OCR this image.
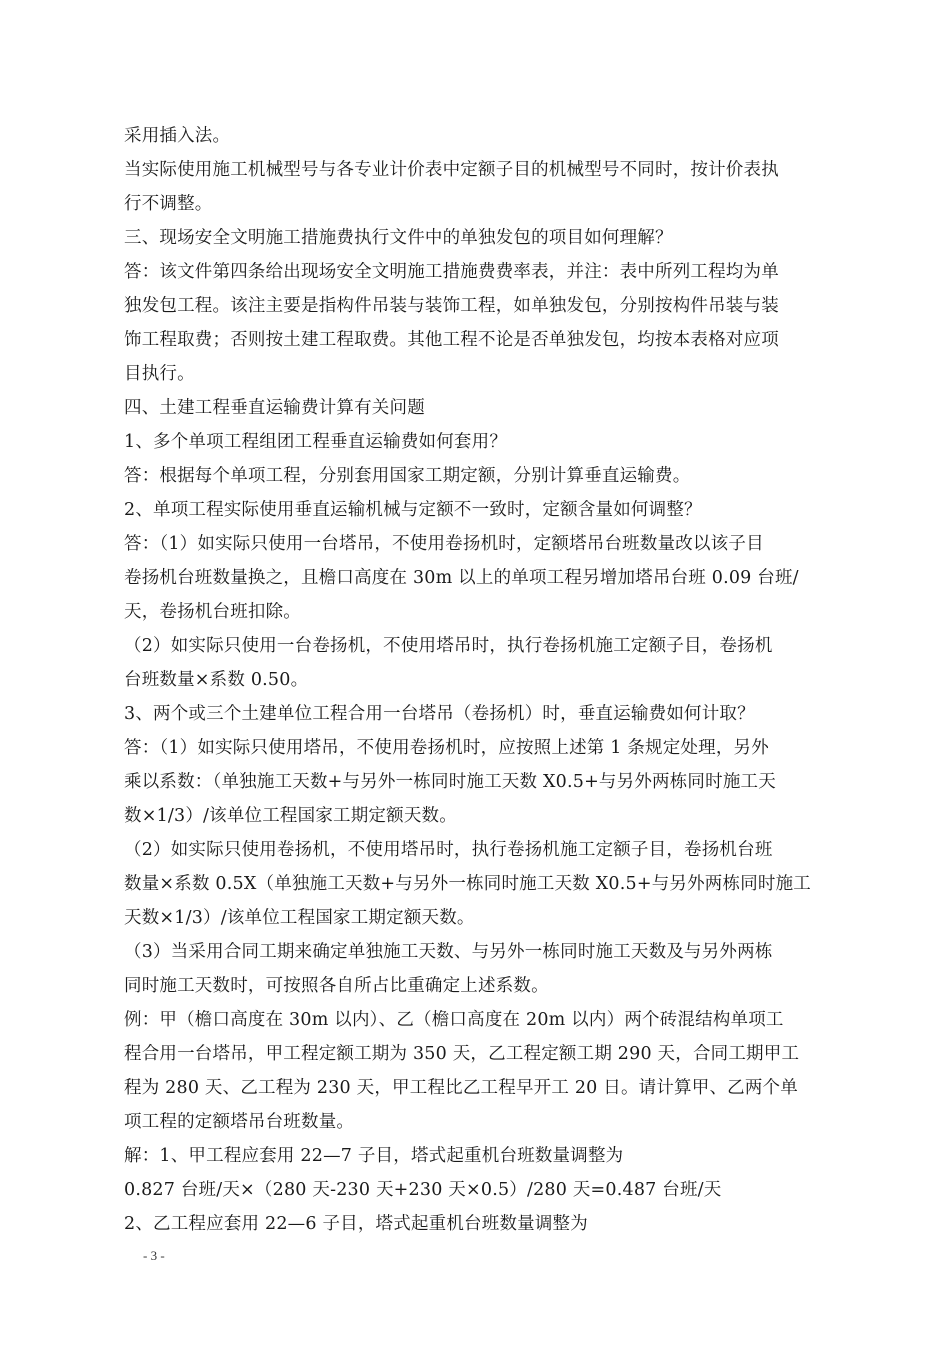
采用插入法。
当实际使用施工机械型号与各专业计价表中定额子目的机械型号不同时，按计价表执
行不调整。
三、现场安全文明施工措施费执行文件中的单独发包的项目如何理解？
答：该文件第四条给出现场安全文明施工措施费费率表，并注：表中所列工程均为单
独发包工程。该注主要是指构件吊装与装饰工程，如单独发包，分别按构件吊装与装
饰工程取费；否则按土建工程取费。其他工程不论是否单独发包，均按本表格对应项
目执行。
四、土建工程垂直运输费计算有关问题
1、多个单项工程组团工程垂直运输费如何套用？
答：根据每个单项工程，分别套用国家工期定额，分别计算垂直运输费。
2、单项工程实际使用垂直运输机械与定额不一致时，定额含量如何调整？
答：（1）如实际只使用一台塔吊，不使用卷扬机时，定额塔吊台班数量改以该子目
卷扬机台班数量换之，且檐口高度在 30m 以上的单项工程另增加塔吊台班 0.09 台班/
天，卷扬机台班扣除。
（2）如实际只使用一台卷扬机，不使用塔吊时，执行卷扬机施工定额子目，卷扬机
台班数量×系数 0.50。
3、两个或三个土建单位工程合用一台塔吊（卷扬机）时，垂直运输费如何计取？
答：（1）如实际只使用塔吊，不使用卷扬机时，应按照上述第 1 条规定处理，另外
乘以系数：（单独施工天数+与另外一栋同时施工天数 X0.5+与另外两栋同时施工天
数×1/3）/该单位工程国家工期定额天数。
（2）如实际只使用卷扬机，不使用塔吊时，执行卷扬机施工定额子目，卷扬机台班
数量×系数 0.5X（单独施工天数+与另外一栋同时施工天数 X0.5+与另外两栋同时施工
天数×1/3）/该单位工程国家工期定额天数。
（3）当采用合同工期来确定单独施工天数、与另外一栋同时施工天数及与另外两栋
同时施工天数时，可按照各自所占比重确定上述系数。
例：甲（檐口高度在 30m 以内）、乙（檐口高度在 20m 以内）两个砖混结构单项工
程合用一台塔吊，甲工程定额工期为 350 天，乙工程定额工期 290 天，合同工期甲工
程为 280 天、乙工程为 230 天，甲工程比乙工程早开工 20 日。请计算甲、乙两个单
项工程的定额塔吊台班数量。
解：1、甲工程应套用 22—7 子目，塔式起重机台班数量调整为
0.827 台班/天×（280 天-230 天+230 天×0.5）/280 天=0.487 台班/天
2、乙工程应套用 22—6 子目，塔式起重机台班数量调整为
- 3 -
